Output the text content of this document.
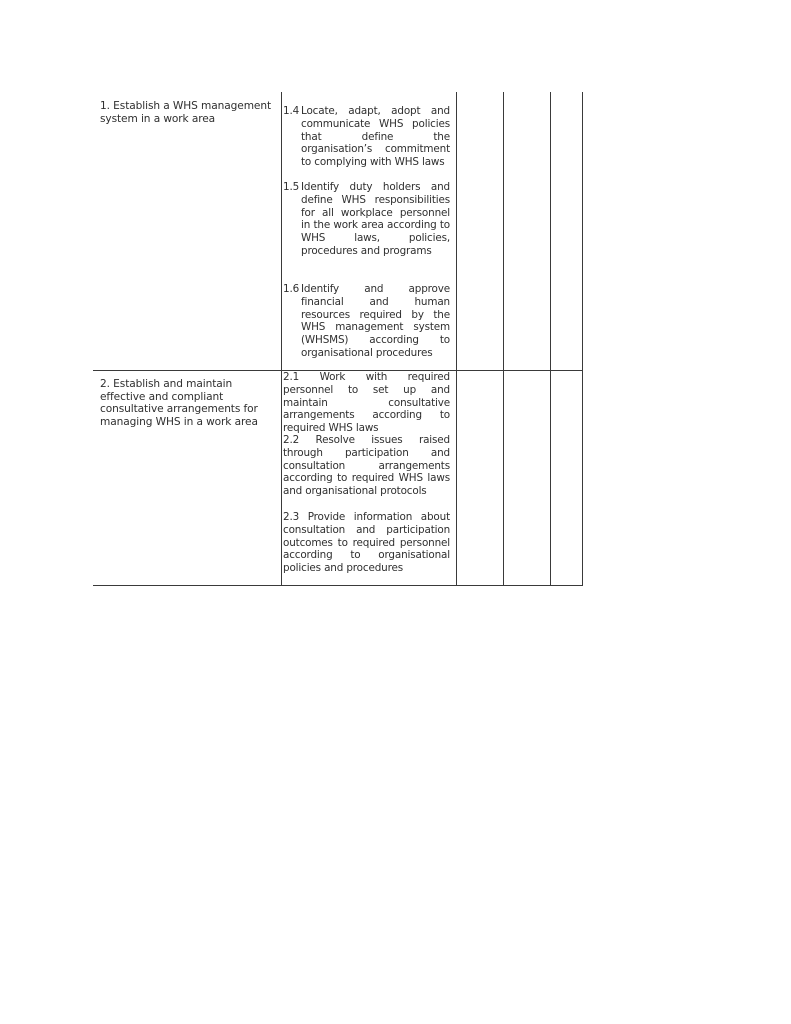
1. Establish a WHS management system in a work area
1.4 Locate, adapt, adopt and communicate WHS policies that define the organisation’s commitment to complying with WHS laws
1.5 Identify duty holders and define WHS responsibilities for all workplace personnel in the work area according to WHS laws, policies, procedures and programs
1.6 Identify and approve financial and human resources required by the WHS management system (WHSMS) according to organisational procedures
2. Establish and maintain effective and compliant consultative arrangements for managing WHS in a work area
2.1 Work with required personnel to set up and maintain consultative arrangements according to required WHS laws
2.2 Resolve issues raised through participation and consultation arrangements according to required WHS laws and organisational protocols
2.3 Provide information about consultation and participation outcomes to required personnel according to organisational policies and procedures
